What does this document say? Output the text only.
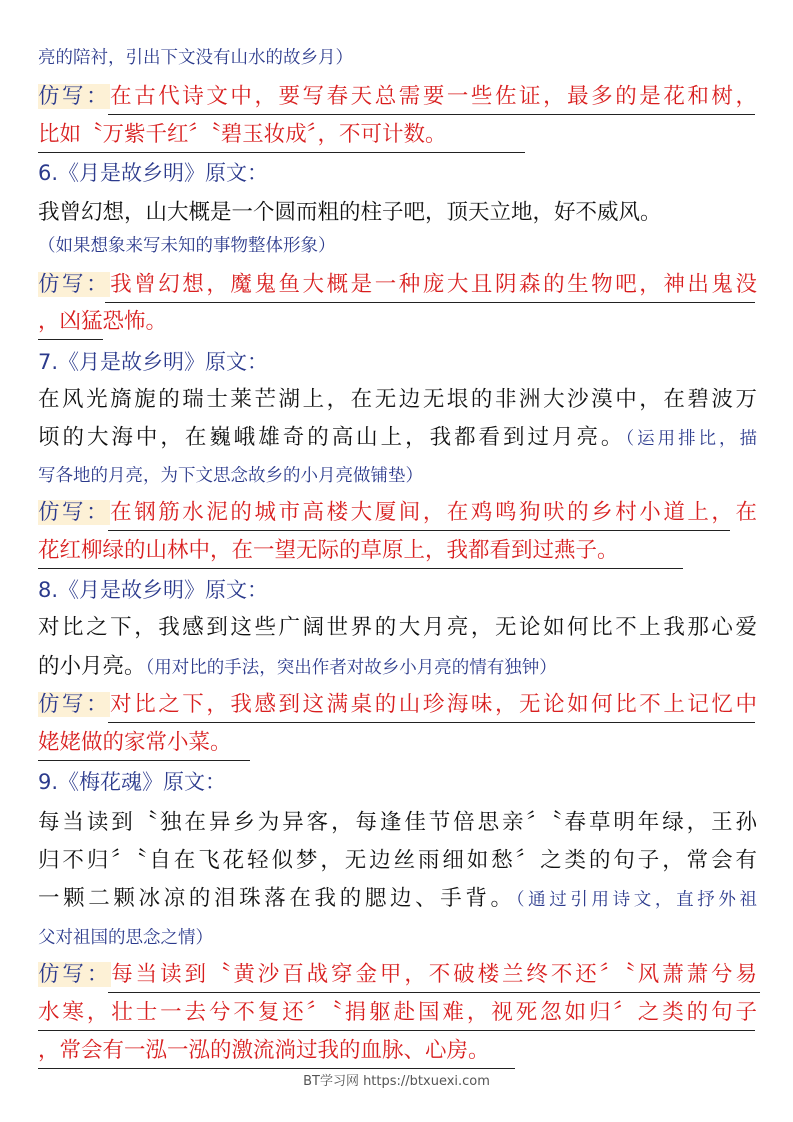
亮的陪衬，引出下文没有山水的故乡月）
仿写：在古代诗文中，要写春天总需要一些佐证，最多的是花和树，
比如〝万紫千红〞〝碧玉妆成〞，不可计数。
6.《月是故乡明》原文：
我曾幻想，山大概是一个圆而粗的柱子吧，顶天立地，好不威风。
（如果想象来写未知的事物整体形象）
仿写：我曾幻想，魔鬼鱼大概是一种庞大且阴森的生物吧，神出鬼没
，凶猛恐怖。
7.《月是故乡明》原文：
在风光旖旎的瑞士莱芒湖上，在无边无垠的非洲大沙漠中，在碧波万
顷的大海中，在巍峨雄奇的高山上，我都看到过月亮。（运用排比，描
写各地的月亮，为下文思念故乡的小月亮做铺垫）
仿写：在钢筋水泥的城市高楼大厦间，在鸡鸣狗吠的乡村小道上，在
花红柳绿的山林中，在一望无际的草原上，我都看到过燕子。
8.《月是故乡明》原文：
对比之下，我感到这些广阔世界的大月亮，无论如何比不上我那心爱
的小月亮。（用对比的手法，突出作者对故乡小月亮的情有独钟）
仿写：对比之下，我感到这满桌的山珍海味，无论如何比不上记忆中
姥姥做的家常小菜。
9.《梅花魂》原文：
每当读到〝独在异乡为异客，每逢佳节倍思亲〞〝春草明年绿，王孙
归不归〞〝自在飞花轻似梦，无边丝雨细如愁〞之类的句子，常会有
一颗二颗冰凉的泪珠落在我的腮边、手背。（通过引用诗文，直抒外祖
父对祖国的思念之情）
仿写：每当读到〝黄沙百战穿金甲，不破楼兰终不还〞〝风萧萧兮易
水寒，壮士一去兮不复还〞〝捐躯赴国难，视死忽如归〞之类的句子
，常会有一泓一泓的激流淌过我的血脉、心房。
BT学习网 https://btxuexi.com
